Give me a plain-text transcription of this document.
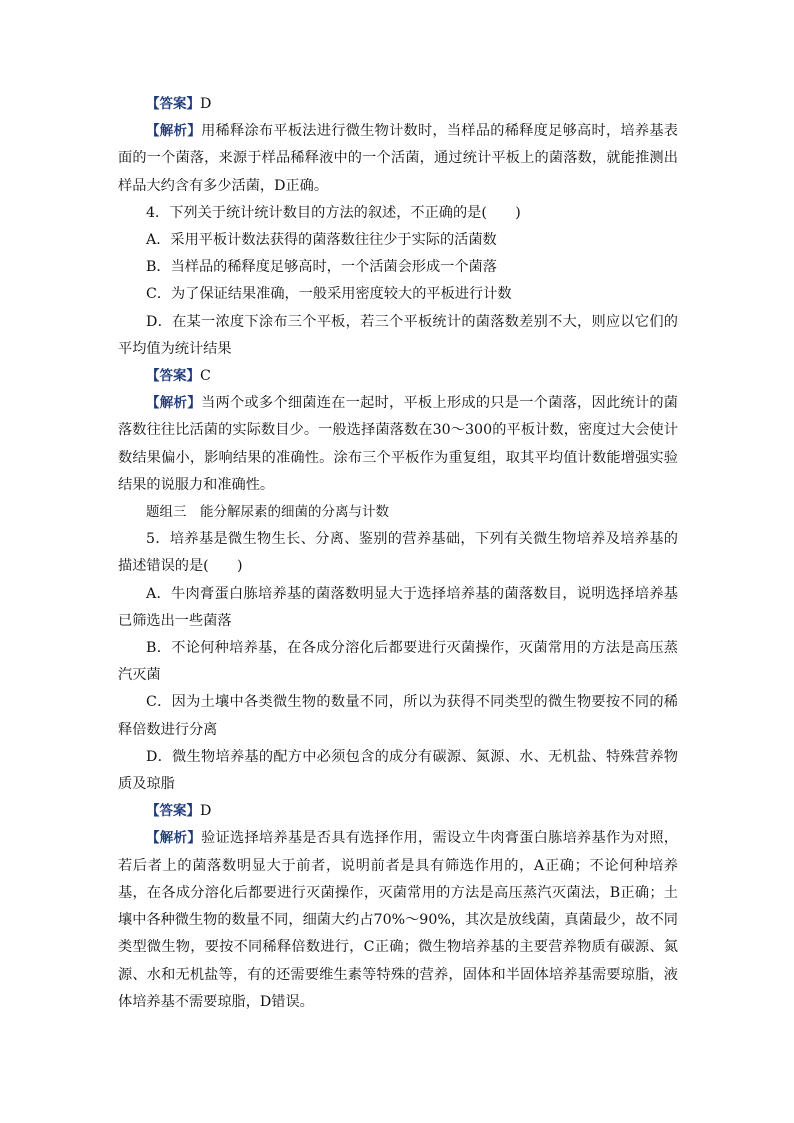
【答案】D

【解析】用稀释涂布平板法进行微生物计数时，当样品的稀释度足够高时，培养基表面的一个菌落，来源于样品稀释液中的一个活菌，通过统计平板上的菌落数，就能推测出样品大约含有多少活菌，D正确。

4．下列关于统计统计数目的方法的叙述，不正确的是(　　)

A．采用平板计数法获得的菌落数往往少于实际的活菌数

B．当样品的稀释度足够高时，一个活菌会形成一个菌落

C．为了保证结果准确，一般采用密度较大的平板进行计数

D．在某一浓度下涂布三个平板，若三个平板统计的菌落数差别不大，则应以它们的平均值为统计结果

【答案】C

【解析】当两个或多个细菌连在一起时，平板上形成的只是一个菌落，因此统计的菌落数往往比活菌的实际数目少。一般选择菌落数在30～300的平板计数，密度过大会使计数结果偏小，影响结果的准确性。涂布三个平板作为重复组，取其平均值计数能增强实验结果的说服力和准确性。

题组三　能分解尿素的细菌的分离与计数

5．培养基是微生物生长、分离、鉴别的营养基础，下列有关微生物培养及培养基的描述错误的是(　　)

A．牛肉膏蛋白胨培养基的菌落数明显大于选择培养基的菌落数目，说明选择培养基已筛选出一些菌落

B．不论何种培养基，在各成分溶化后都要进行灭菌操作，灭菌常用的方法是高压蒸汽灭菌

C．因为土壤中各类微生物的数量不同，所以为获得不同类型的微生物要按不同的稀释倍数进行分离

D．微生物培养基的配方中必须包含的成分有碳源、氮源、水、无机盐、特殊营养物质及琼脂

【答案】D

【解析】验证选择培养基是否具有选择作用，需设立牛肉膏蛋白胨培养基作为对照，若后者上的菌落数明显大于前者，说明前者是具有筛选作用的，A正确；不论何种培养基，在各成分溶化后都要进行灭菌操作，灭菌常用的方法是高压蒸汽灭菌法，B正确；土壤中各种微生物的数量不同，细菌大约占70%～90%，其次是放线菌，真菌最少，故不同类型微生物，要按不同稀释倍数进行，C正确；微生物培养基的主要营养物质有碳源、氮源、水和无机盐等，有的还需要维生素等特殊的营养，固体和半固体培养基需要琼脂，液体培养基不需要琼脂，D错误。
